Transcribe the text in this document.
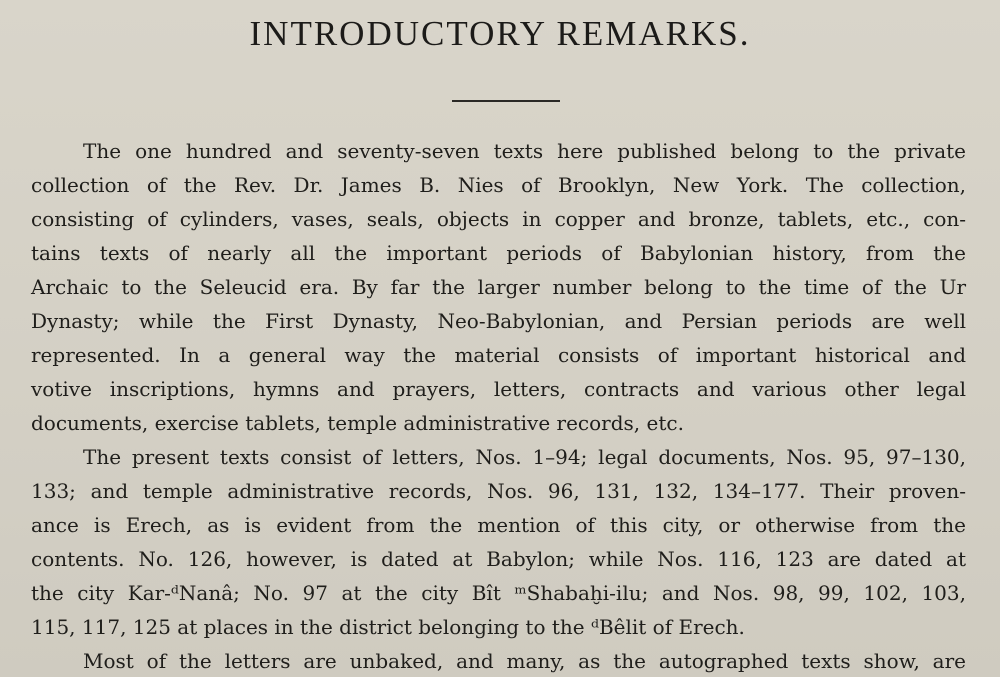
INTRODUCTORY REMARKS.

The one hundred and seventy-seven texts here published belong to the private
collection of the Rev. Dr. James B. Nies of Brooklyn, New York. The collection,
consisting of cylinders, vases, seals, objects in copper and bronze, tablets, etc., con-
tains texts of nearly all the important periods of Babylonian history, from the
Archaic to the Seleucid era. By far the larger number belong to the time of the Ur
Dynasty; while the First Dynasty, Neo-Babylonian, and Persian periods are well
represented. In a general way the material consists of important historical and
votive inscriptions, hymns and prayers, letters, contracts and various other legal
documents, exercise tablets, temple administrative records, etc.

The present texts consist of letters, Nos. 1–94; legal documents, Nos. 95, 97–130,
133; and temple administrative records, Nos. 96, 131, 132, 134–177. Their proven-
ance is Erech, as is evident from the mention of this city, or otherwise from the
contents. No. 126, however, is dated at Babylon; while Nos. 116, 123 are dated at
the city Kar-ᵈNanâ; No. 97 at the city Bît ᵐShabaḫi-ilu; and Nos. 98, 99, 102, 103,
115, 117, 125 at places in the district belonging to the ᵈBêlit of Erech.

Most of the letters are unbaked, and many, as the autographed texts show, are
